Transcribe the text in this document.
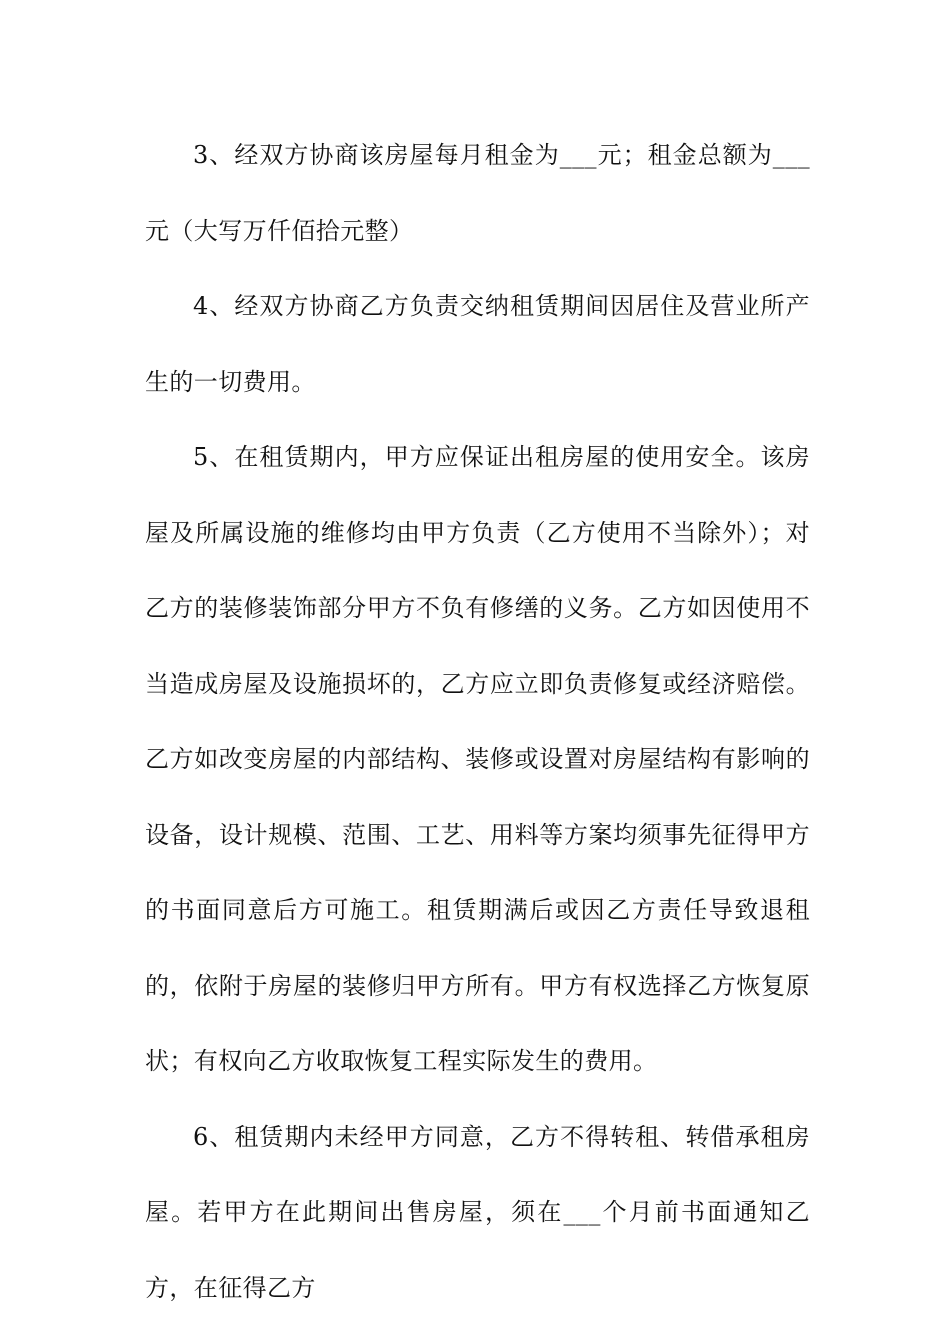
3、经双方协商该房屋每月租金为___元；租金总额为___元（大写万仟佰拾元整）

4、经双方协商乙方负责交纳租赁期间因居住及营业所产生的一切费用。

5、在租赁期内，甲方应保证出租房屋的使用安全。该房屋及所属设施的维修均由甲方负责（乙方使用不当除外）；对乙方的装修装饰部分甲方不负有修缮的义务。乙方如因使用不当造成房屋及设施损坏的，乙方应立即负责修复或经济赔偿。乙方如改变房屋的内部结构、装修或设置对房屋结构有影响的设备，设计规模、范围、工艺、用料等方案均须事先征得甲方的书面同意后方可施工。租赁期满后或因乙方责任导致退租的，依附于房屋的装修归甲方所有。甲方有权选择乙方恢复原状；有权向乙方收取恢复工程实际发生的费用。

6、租赁期内未经甲方同意，乙方不得转租、转借承租房屋。若甲方在此期间出售房屋，须在___个月前书面通知乙方，在征得乙方
